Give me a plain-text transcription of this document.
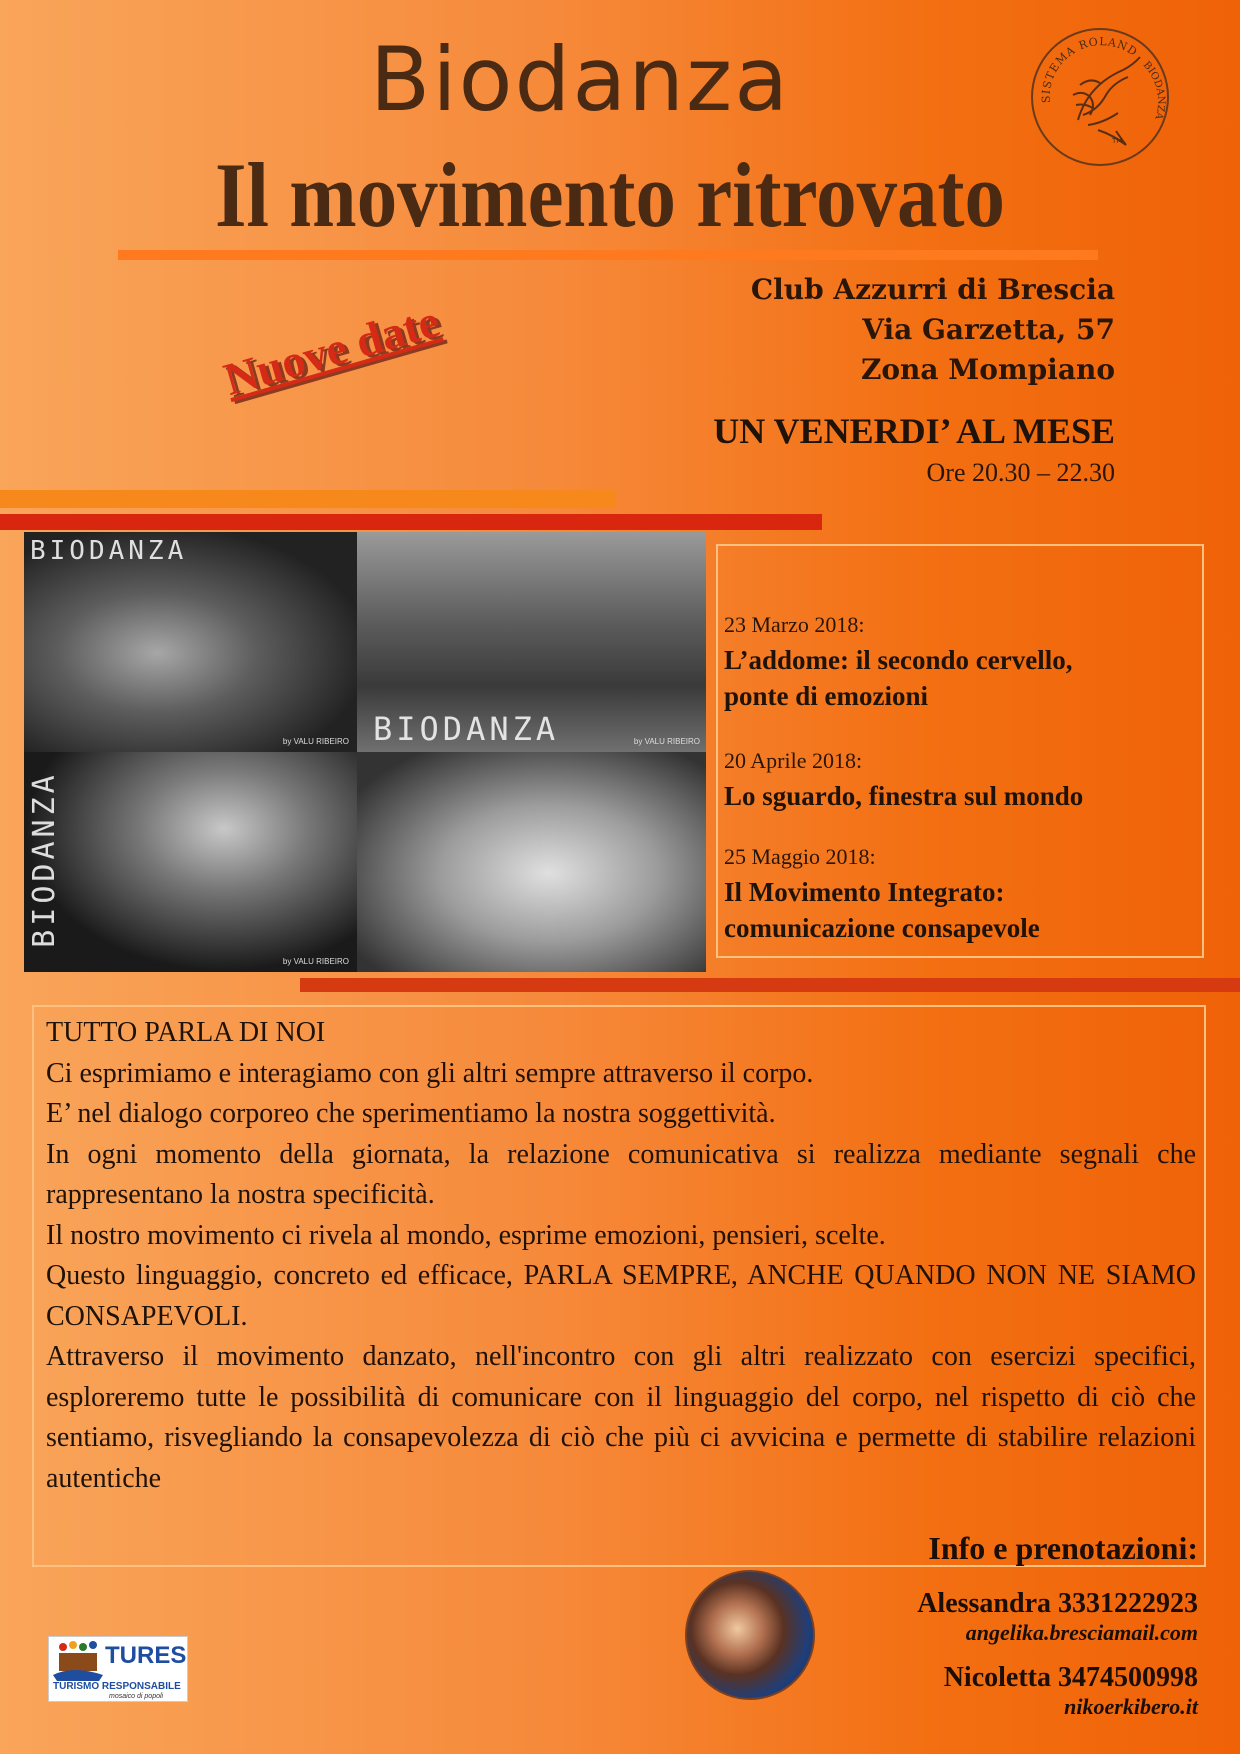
Biodanza
Il movimento ritrovato
SISTEMA ROLAND
BIODANZA
TM
Club Azzurri di Brescia
Via Garzetta, 57
Zona Mompiano
UN VENERDI’ AL MESE
Ore 20.30 – 22.30
Nuove date
BIODANZA
by VALU RIBEIRO BIODANZA	by VALU RIBEIRO
BIODANZA
by VALU RIBEIRO
23 Marzo 2018:
L’addome: il secondo cervello,
ponte di emozioni
20 Aprile 2018:
Lo sguardo, finestra sul mondo
25 Maggio 2018:
Il Movimento Integrato:
comunicazione consapevole

TUTTO PARLA DI NOI

Ci esprimiamo e interagiamo con gli altri sempre attraverso il corpo.

E’ nel dialogo corporeo che sperimentiamo la nostra soggettività.

In ogni momento della giornata, la relazione comunicativa si realizza mediante segnali che rappresentano la nostra specificità.

Il nostro movimento ci rivela al mondo, esprime emozioni, pensieri, scelte.

Questo linguaggio, concreto ed efficace, PARLA SEMPRE, ANCHE QUANDO NON NE SIAMO CONSAPEVOLI.

Attraverso il movimento danzato, nell'incontro con gli altri realizzato con esercizi specifici, esploreremo tutte le possibilità di comunicare con il linguaggio del corpo, nel rispetto di ciò che sentiamo, risvegliando la consapevolezza di ciò che più ci avvicina e permette di stabilire relazioni autentiche

Info e prenotazioni:
Alessandra 3331222923
angelika.bresciamail.com
Nicoletta 3474500998
nikoerkibero.it
TURES
TURISMO RESPONSABILE
mosaico di popoli
